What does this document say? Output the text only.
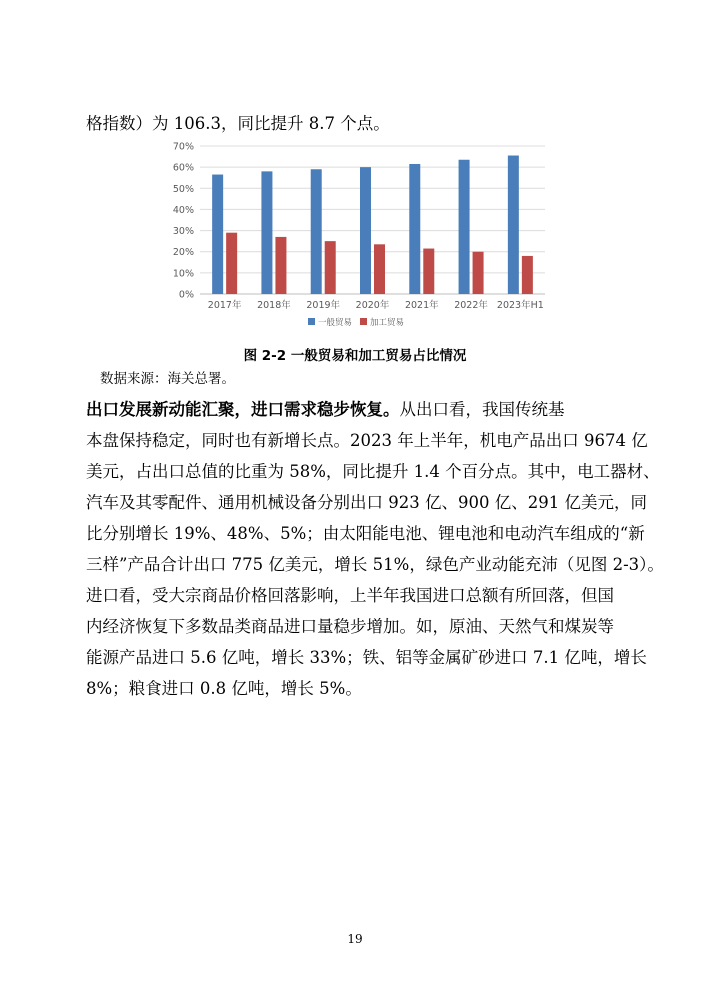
格指数）为 106.3，同比提升 8.7 个点。
0%
10%
20%
30%
40%
50%
60%
70%
2017年 2018年 2019年 2020年 2021年 2022年 2023年H1
一般贸易 加工贸易
图 2-2 一般贸易和加工贸易占比情况
数据来源：海关总署。
出口发展新动能汇聚，进口需求稳步恢复。从出口看，我国传统基
本盘保持稳定，同时也有新增长点。2023 年上半年，机电产品出口 9674 亿
美元，占出口总值的比重为 58%，同比提升 1.4 个百分点。其中，电工器材、
汽车及其零配件、通用机械设备分别出口 923 亿、900 亿、291 亿美元，同
比分别增长 19%、48%、5%；由太阳能电池、锂电池和电动汽车组成的“新
三样”产品合计出口 775 亿美元，增长 51%，绿色产业动能充沛（见图 2-3）。
进口看，受大宗商品价格回落影响，上半年我国进口总额有所回落，但国
内经济恢复下多数品类商品进口量稳步增加。如，原油、天然气和煤炭等
能源产品进口 5.6 亿吨，增长 33%；铁、铝等金属矿砂进口 7.1 亿吨，增长
8%；粮食进口 0.8 亿吨，增长 5%。
19
